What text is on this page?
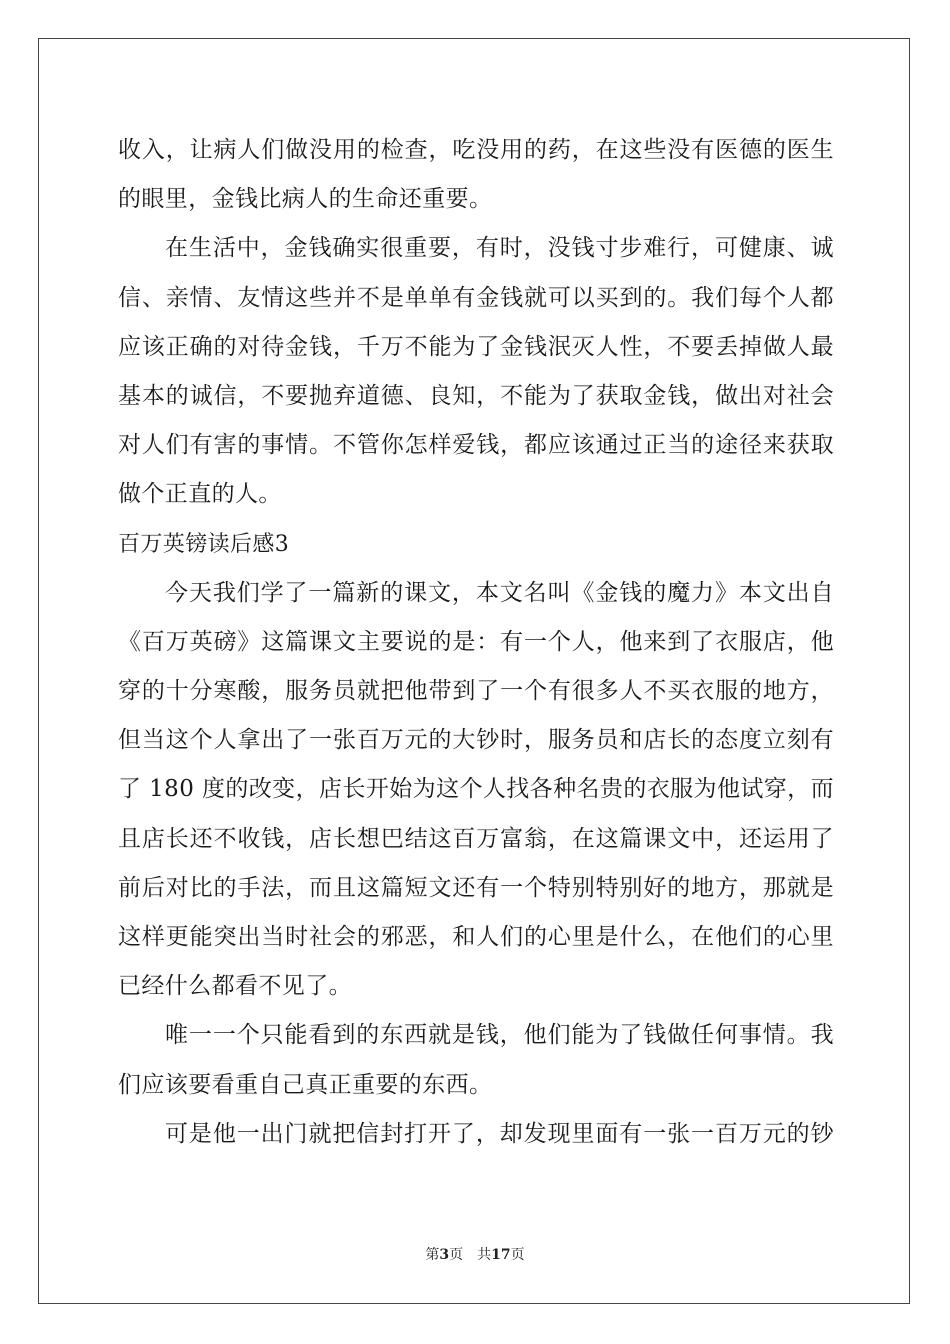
收入，让病人们做没用的检查，吃没用的药，在这些没有医德的医生
的眼里，金钱比病人的生命还重要。
在生活中，金钱确实很重要，有时，没钱寸步难行，可健康、诚
信、亲情、友情这些并不是单单有金钱就可以买到的。我们每个人都
应该正确的对待金钱，千万不能为了金钱泯灭人性，不要丢掉做人最
基本的诚信，不要抛弃道德、良知，不能为了获取金钱，做出对社会
对人们有害的事情。不管你怎样爱钱，都应该通过正当的途径来获取
做个正直的人。
百万英镑读后感3
今天我们学了一篇新的课文，本文名叫《金钱的魔力》本文出自
《百万英磅》这篇课文主要说的是：有一个人，他来到了衣服店，他
穿的十分寒酸，服务员就把他带到了一个有很多人不买衣服的地方，
但当这个人拿出了一张百万元的大钞时，服务员和店长的态度立刻有
了 180 度的改变，店长开始为这个人找各种名贵的衣服为他试穿，而
且店长还不收钱，店长想巴结这百万富翁，在这篇课文中，还运用了
前后对比的手法，而且这篇短文还有一个特别特别好的地方，那就是
这样更能突出当时社会的邪恶，和人们的心里是什么，在他们的心里
已经什么都看不见了。
唯一一个只能看到的东西就是钱，他们能为了钱做任何事情。我
们应该要看重自己真正重要的东西。
可是他一出门就把信封打开了，却发现里面有一张一百万元的钞
第3页　共17页
